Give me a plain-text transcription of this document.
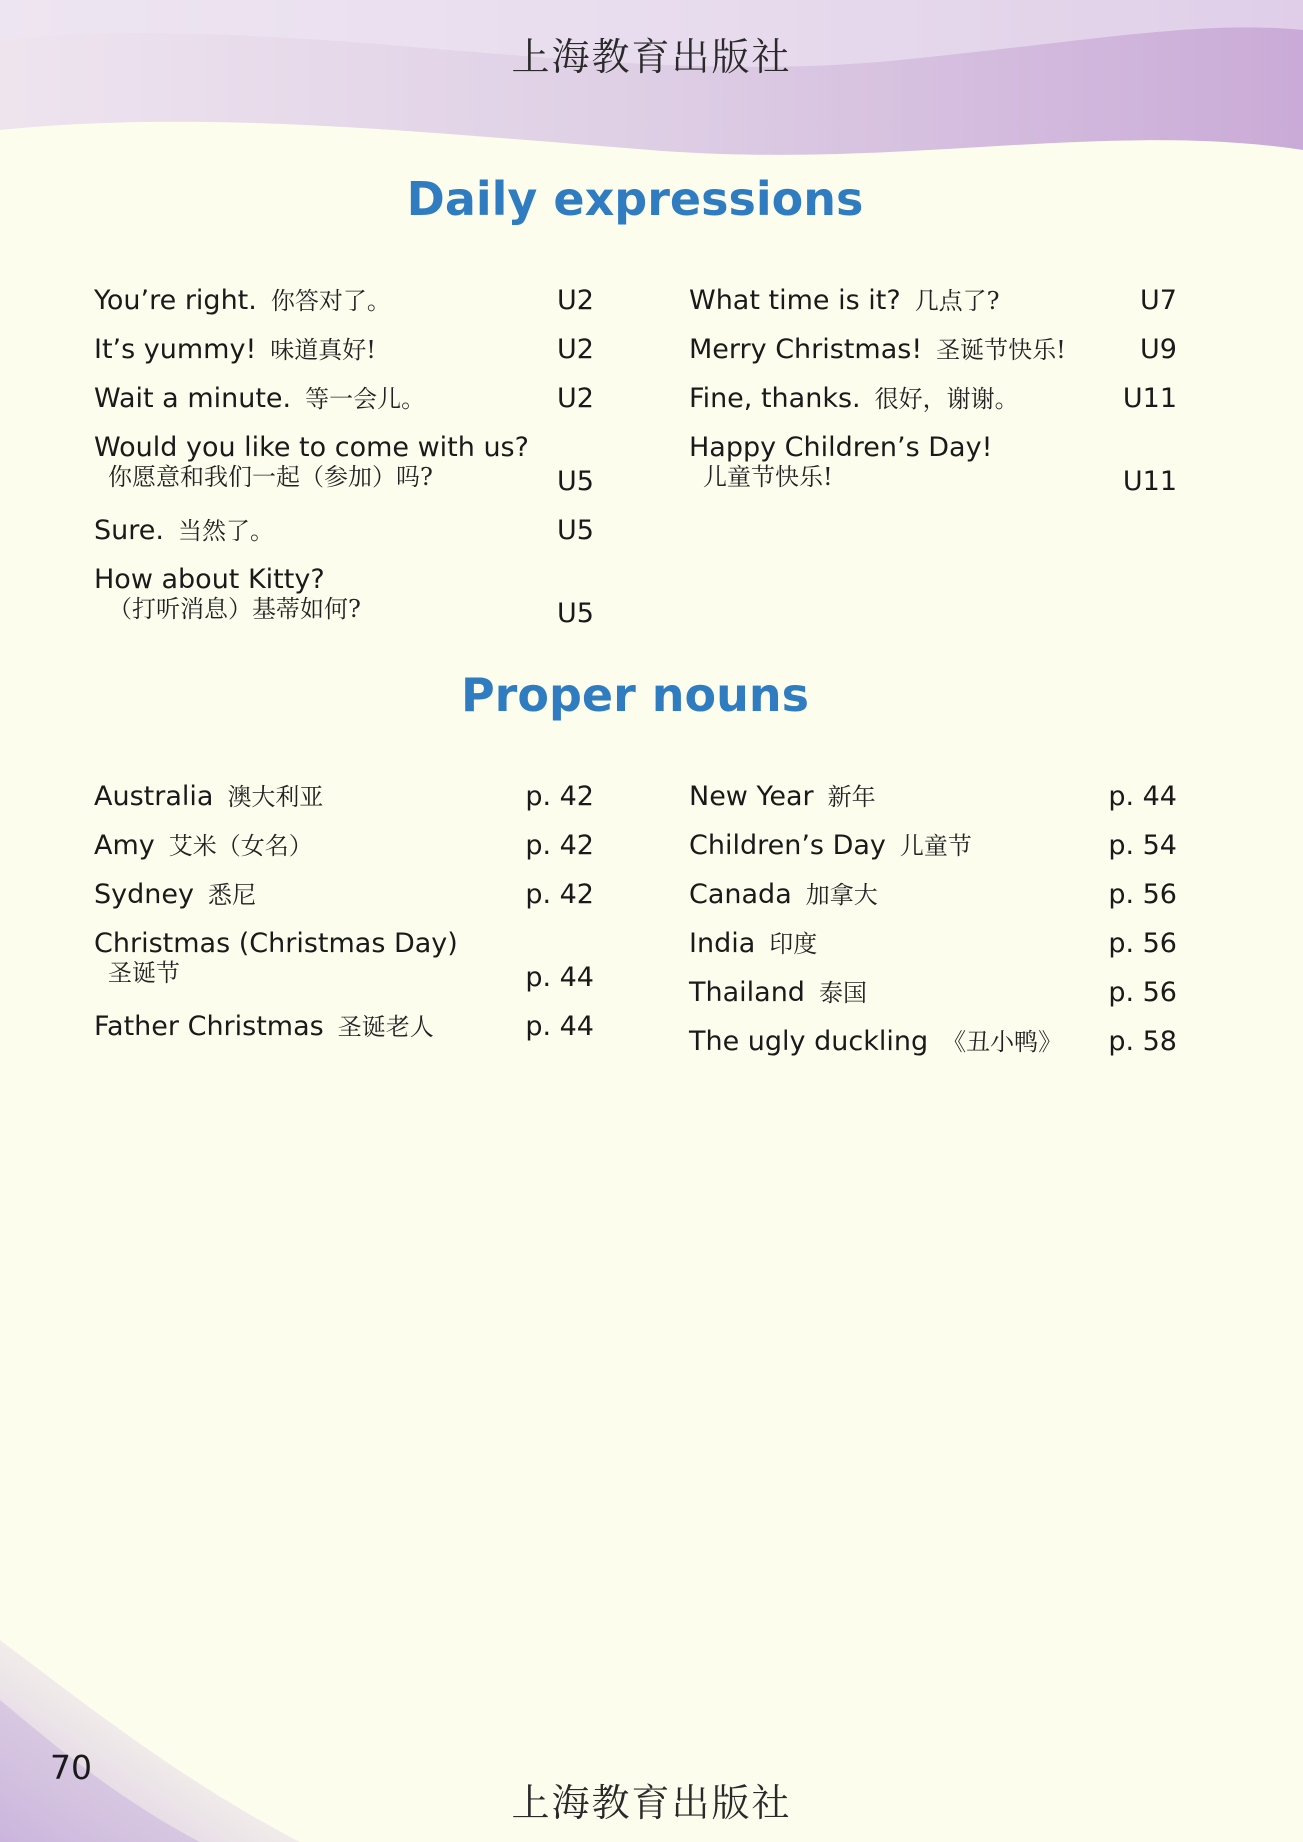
上海教育出版社
Daily expressions
You’re right. 你答对了。	U2
It’s yummy! 味道真好!	U2
Wait a minute. 等一会儿。	U2
Would you like to come with us?
你愿意和我们一起（参加）吗?	U5
Sure. 当然了。	U5
How about Kitty?
（打听消息）基蒂如何?	U5
What time is it? 几点了?	U7
Merry Christmas! 圣诞节快乐!	U9
Fine, thanks. 很好，谢谢。	U11
Happy Children’s Day!
儿童节快乐!	U11
Proper nouns
Australia 澳大利亚	p. 42
Amy 艾米（女名）	p. 42
Sydney 悉尼	p. 42
Christmas (Christmas Day)
圣诞节	p. 44
Father Christmas 圣诞老人	p. 44
New Year 新年	p. 44
Children’s Day 儿童节	p. 54
Canada 加拿大	p. 56
India 印度	p. 56
Thailand 泰国	p. 56
The ugly duckling 《丑小鸭》 p. 58
70
上海教育出版社
